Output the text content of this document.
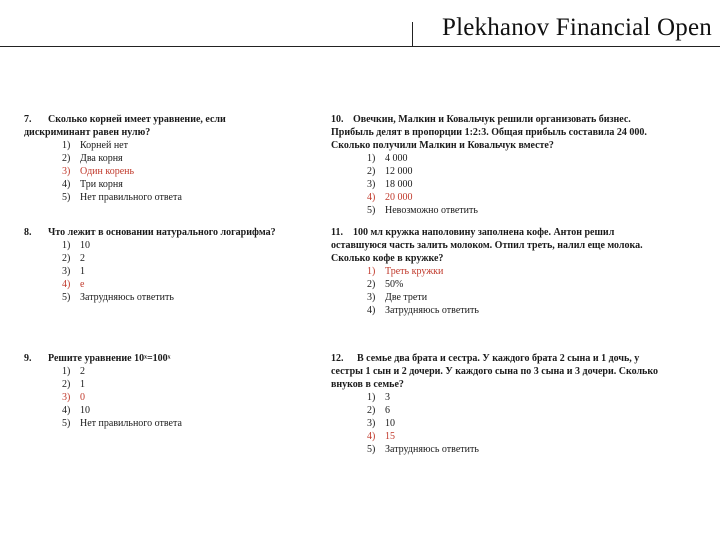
Plekhanov Financial Open
7. Сколько корней имеет уравнение, если дискриминант равен нулю?
1) Корней нет
2) Два корня
3) Один корень
4) Три корня
5) Нет правильного ответа
8. Что лежит в основании натурального логарифма?
1) 10
2) 2
3) 1
4) e
5) Затрудняюсь ответить
9. Решите уравнение 10ˣ=100ˣ
1) 2
2) 1
3) 0
4) 10
5) Нет правильного ответа
10. Овечкин, Малкин и Ковальчук решили организовать бизнес. Прибыль делят в пропорции 1:2:3. Общая прибыль составила 24 000. Сколько получили Малкин и Ковальчук вместе?
1) 4 000
2) 12 000
3) 18 000
4) 20 000
5) Невозможно ответить
11. 100 мл кружка наполовину заполнена кофе. Антон решил оставшуюся часть залить молоком. Отпил треть, налил еще молока. Сколько кофе в кружке?
1) Треть кружки
2) 50%
3) Две трети
4) Затрудняюсь ответить
12. В семье два брата и сестра. У каждого брата 2 сына и 1 дочь, у сестры 1 сын и 2 дочери. У каждого сына по 3 сына и 3 дочери. Сколько внуков в семье?
1) 3
2) 6
3) 10
4) 15
5) Затрудняюсь ответить
